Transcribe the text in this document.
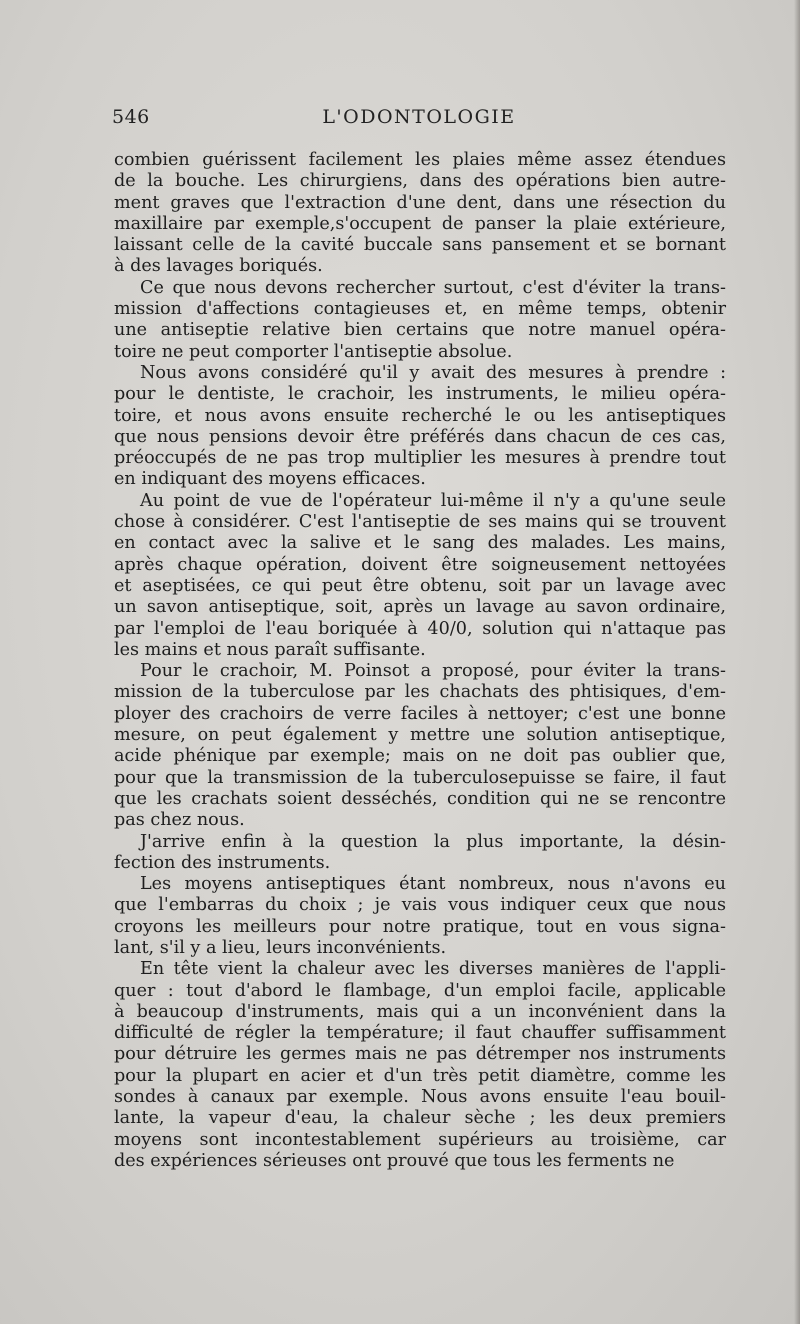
546	L'ODONTOLOGIE
combien guérissent facilement les plaies même assez étendues
de la bouche. Les chirurgiens, dans des opérations bien autre-
ment graves que l'extraction d'une dent, dans une résection du
maxillaire par exemple,s'occupent de panser la plaie extérieure,
laissant celle de la cavité buccale sans pansement et se bornant
à des lavages boriqués.
Ce que nous devons rechercher surtout, c'est d'éviter la trans-
mission d'affections contagieuses et, en même temps, obtenir
une antiseptie relative bien certains que notre manuel opéra-
toire ne peut comporter l'antiseptie absolue.
Nous avons considéré qu'il y avait des mesures à prendre :
pour le dentiste, le crachoir, les instruments, le milieu opéra-
toire, et nous avons ensuite recherché le ou les antiseptiques
que nous pensions devoir être préférés dans chacun de ces cas,
préoccupés de ne pas trop multiplier les mesures à prendre tout
en indiquant des moyens efficaces.
Au point de vue de l'opérateur lui-même il n'y a qu'une seule
chose à considérer. C'est l'antiseptie de ses mains qui se trouvent
en contact avec la salive et le sang des malades. Les mains,
après chaque opération, doivent être soigneusement nettoyées
et aseptisées, ce qui peut être obtenu, soit par un lavage avec
un savon antiseptique, soit, après un lavage au savon ordinaire,
par l'emploi de l'eau boriquée à 40/0, solution qui n'attaque pas
les mains et nous paraît suffisante.
Pour le crachoir, M. Poinsot a proposé, pour éviter la trans-
mission de la tuberculose par les chachats des phtisiques, d'em-
ployer des crachoirs de verre faciles à nettoyer; c'est une bonne
mesure, on peut également y mettre une solution antiseptique,
acide phénique par exemple; mais on ne doit pas oublier que,
pour que la transmission de la tuberculosepuisse se faire, il faut
que les crachats soient desséchés, condition qui ne se rencontre
pas chez nous.
J'arrive enfin à la question la plus importante, la désin-
fection des instruments.
Les moyens antiseptiques étant nombreux, nous n'avons eu
que l'embarras du choix ; je vais vous indiquer ceux que nous
croyons les meilleurs pour notre pratique, tout en vous signa-
lant, s'il y a lieu, leurs inconvénients.
En tête vient la chaleur avec les diverses manières de l'appli-
quer : tout d'abord le flambage, d'un emploi facile, applicable
à beaucoup d'instruments, mais qui a un inconvénient dans la
difficulté de régler la température; il faut chauffer suffisamment
pour détruire les germes mais ne pas détremper nos instruments
pour la plupart en acier et d'un très petit diamètre, comme les
sondes à canaux par exemple. Nous avons ensuite l'eau bouil-
lante, la vapeur d'eau, la chaleur sèche ; les deux premiers
moyens sont incontestablement supérieurs au troisième, car
des expériences sérieuses ont prouvé que tous les ferments ne
